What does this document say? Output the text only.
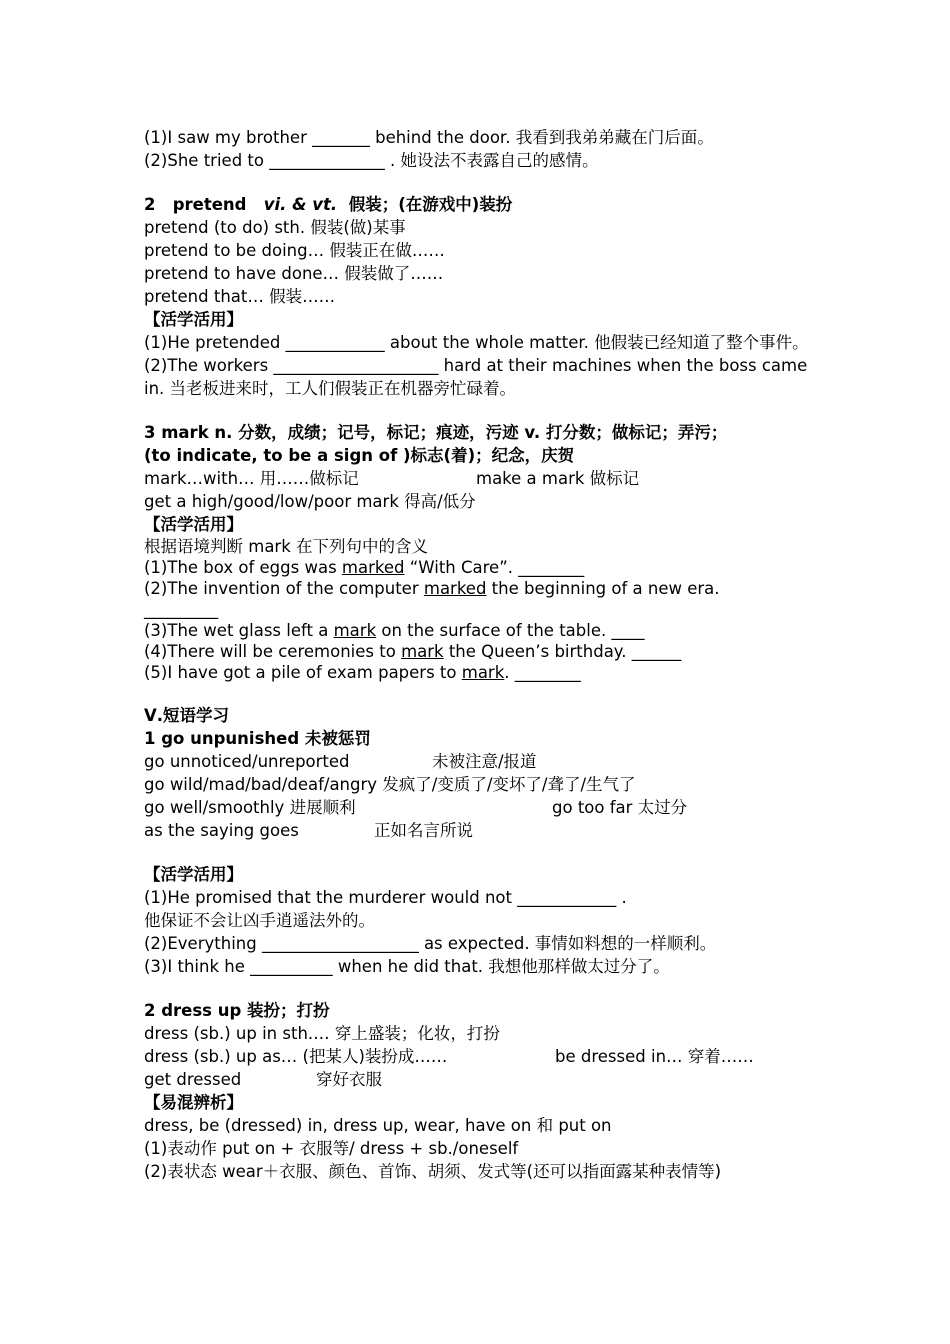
(1)I saw my brother _______ behind the door. 我看到我弟弟藏在门后面。
(2)She tried to ______________ . 她设法不表露自己的感情。
2 pretend vi. & vt. 假装；(在游戏中)装扮
pretend (to do) sth. 假装(做)某事
pretend to be doing… 假装正在做……
pretend to have done… 假装做了……
pretend that… 假装……
【活学活用】
(1)He pretended ____________ about the whole matter. 他假装已经知道了整个事件。
(2)The workers ____________________ hard at their machines when the boss came in. 当老板进来时，工人们假装正在机器旁忙碌着。
3 mark n. 分数，成绩；记号，标记；痕迹，污迹 v. 打分数；做标记；弄污；
(to indicate, to be a sign of )标志(着)；纪念，庆贺
mark…with… 用……做标记	make a mark 做标记
get a high/good/low/poor mark 得高/低分
【活学活用】
根据语境判断 mark 在下列句中的含义
(1)The box of eggs was marked “With Care”. ________
(2)The invention of the computer marked the beginning of a new era.
_________
(3)The wet glass left a mark on the surface of the table. ____
(4)There will be ceremonies to mark the Queen’s birthday. ______
(5)I have got a pile of exam papers to mark. ________
Ⅴ.短语学习
1 go unpunished 未被惩罚
go unnoticed/unreported	未被注意/报道
go wild/mad/bad/deaf/angry 发疯了/变质了/变坏了/聋了/生气了
go well/smoothly 进展顺利	go too far 太过分
as the saying goes	正如名言所说
【活学活用】
(1)He promised that the murderer would not ____________ .
他保证不会让凶手逍遥法外的。
(2)Everything ___________________ as expected. 事情如料想的一样顺利。
(3)I think he __________ when he did that. 我想他那样做太过分了。
2 dress up 装扮；打扮
dress (sb.) up in sth.… 穿上盛装；化妆，打扮
dress (sb.) up as… (把某人)装扮成……	be dressed in… 穿着……
get dressed	穿好衣服
【易混辨析】
dress, be (dressed) in, dress up, wear, have on 和 put on
(1)表动作 put on + 衣服等/ dress + sb./oneself
(2)表状态 wear＋衣服、颜色、首饰、胡须、发式等(还可以指面露某种表情等)
